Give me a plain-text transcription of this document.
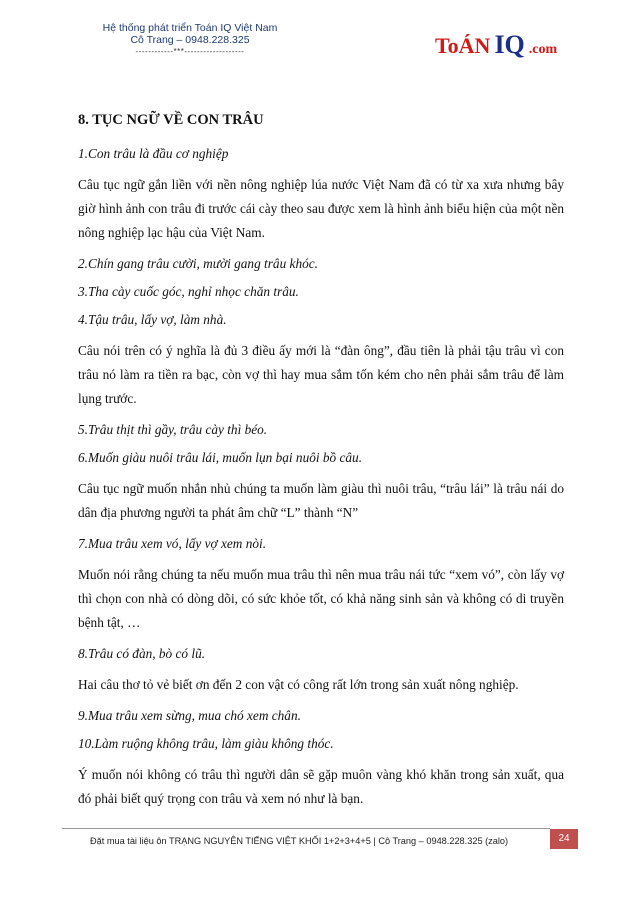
Hệ thống phát triển Toán IQ Việt Nam
Cô Trang – 0948.228.325
------------***-------------------	ToÁN IQ .com
8. TỤC NGỮ VỀ CON TRÂU
1.Con trâu là đầu cơ nghiệp
Câu tục ngữ gắn liền với nền nông nghiệp lúa nước Việt Nam đã có từ xa xưa nhưng bây giờ hình ảnh con trâu đi trước cái cày theo sau được xem là hình ảnh biểu hiện của một nền nông nghiệp lạc hậu của Việt Nam.
2.Chín gang trâu cười, mười gang trâu khóc.
3.Tha cày cuốc góc, nghỉ nhọc chăn trâu.
4.Tậu trâu, lấy vợ, làm nhà.
Câu nói trên có ý nghĩa là đủ 3 điều ấy mới là “đàn ông”, đầu tiên là phải tậu trâu vì con trâu nó làm ra tiền ra bạc, còn vợ thì hay mua sắm tốn kém cho nên phải sắm trâu để làm lụng trước.
5.Trâu thịt thì gầy, trâu cày thì béo.
6.Muốn giàu nuôi trâu lái, muốn lụn bại nuôi bồ câu.
Câu tục ngữ muốn nhắn nhủ chúng ta muốn làm giàu thì nuôi trâu, “trâu lái” là trâu nái do dân địa phương người ta phát âm chữ “L” thành “N”
7.Mua trâu xem vó, lấy vợ xem nòi.
Muốn nói rằng chúng ta nếu muốn mua trâu thì nên mua trâu nái tức “xem vó”, còn lấy vợ thì chọn con nhà có dòng dõi, có sức khỏe tốt, có khả năng sinh sản và không có di truyền bệnh tật, …
8.Trâu có đàn, bò có lũ.
Hai câu thơ tỏ vẻ biết ơn đến 2 con vật có công rất lớn trong sản xuất nông nghiệp.
9.Mua trâu xem sừng, mua chó xem chân.
10.Làm ruộng không trâu, làm giàu không thóc.
Ý muốn nói không có trâu thì người dân sẽ gặp muôn vàng khó khăn trong sản xuất, qua đó phải biết quý trọng con trâu và xem nó như là bạn.
Đặt mua tài liệu ôn TRẠNG NGUYÊN TIẾNG VIỆT KHỐI 1+2+3+4+5 | Cô Trang – 0948.228.325 (zalo)	24
